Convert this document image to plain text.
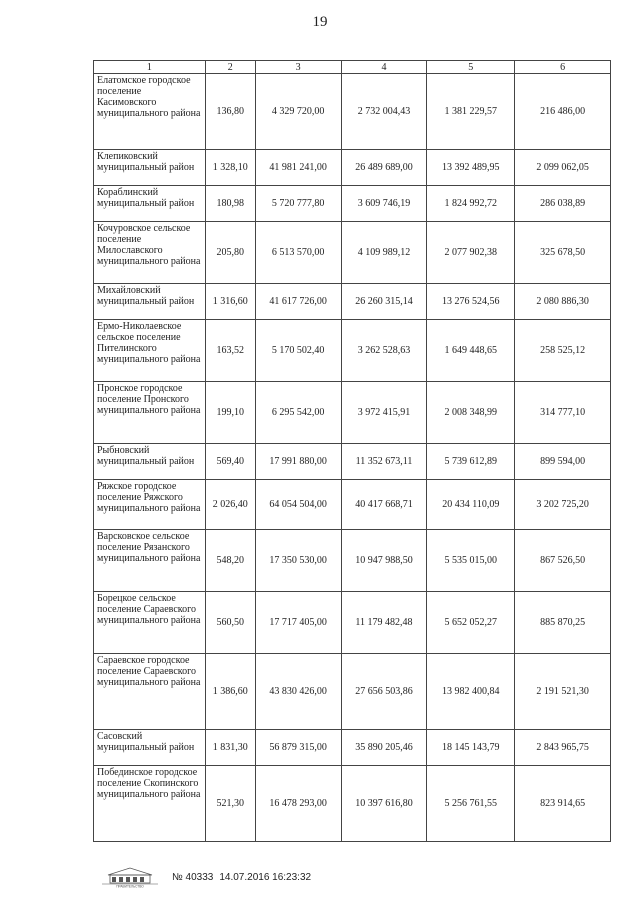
19
1	2	3	4	5	6
Елатомское городское поселение Касимовского муниципального района	136,80	4 329 720,00	2 732 004,43	1 381 229,57	216 486,00
Клепиковский муниципальный район	1 328,10	41 981 241,00	26 489 689,00	13 392 489,95	2 099 062,05
Кораблинский муниципальный район	180,98	5 720 777,80	3 609 746,19	1 824 992,72	286 038,89
Кочуровское сельское поселение Милославского муниципального района	205,80	6 513 570,00	4 109 989,12	2 077 902,38	325 678,50
Михайловский муниципальный район	1 316,60	41 617 726,00	26 260 315,14	13 276 524,56	2 080 886,30
Ермо-Николаевское сельское поселение Пителинского муниципального района	163,52	5 170 502,40	3 262 528,63	1 649 448,65	258 525,12
Пронское городское поселение Пронского муниципального района	199,10	6 295 542,00	3 972 415,91	2 008 348,99	314 777,10
Рыбновский муниципальный район	569,40	17 991 880,00	11 352 673,11	5 739 612,89	899 594,00
Ряжское городское поселение Ряжского муниципального района	2 026,40	64 054 504,00	40 417 668,71	20 434 110,09	3 202 725,20
Варсковское сельское поселение Рязанского муниципального района	548,20	17 350 530,00	10 947 988,50	5 535 015,00	867 526,50
Борецкое сельское поселение Сараевского муниципального района	560,50	17 717 405,00	11 179 482,48	5 652 052,27	885 870,25
Сараевское городское поселение Сараевского муниципального района	1 386,60	43 830 426,00	27 656 503,86	13 982 400,84	2 191 521,30
Сасовский муниципальный район	1 831,30	56 879 315,00	35 890 205,46	18 145 143,79	2 843 965,75
Побединское городское поселение Скопинского муниципального района	521,30	16 478 293,00	10 397 616,80	5 256 761,55	823 914,65
ПРАВИТЕЛЬСТВО
№ 40333 14.07.2016 16:23:32
